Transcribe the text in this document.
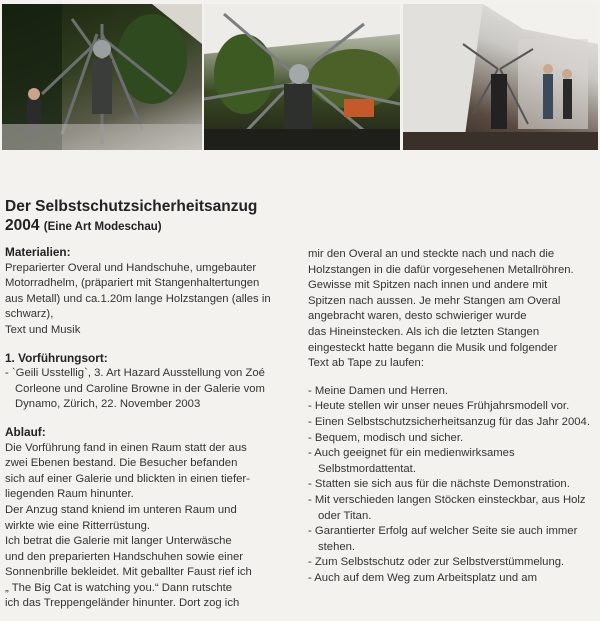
Der Selbstschutzsicherheitsanzug
2004 (Eine Art Modeschau)

Materialien:

Preparierter Overal und Handschuhe, umgebauter

Motorradhelm, (präpariert mit Stangenhaltertungen

aus Metall) und ca.1.20m lange Holzstangen (alles in

schwarz),

Text und Musik

1. Vorführungsort:

- `Geili Usstellig`, 3. Art Hazard Ausstellung von Zoé

Corleone und Caroline Browne in der Galerie vom

Dynamo, Zürich, 22. November 2003

Ablauf:

Die Vorführung fand in einen Raum statt der aus

zwei Ebenen bestand. Die Besucher befanden

sich auf einer Galerie und blickten in einen tiefer-

liegenden Raum hinunter.

Der Anzug stand kniend im unteren Raum und

wirkte wie eine Ritterrüstung.

Ich betrat die Galerie mit langer Unterwäsche

und den preparierten Handschuhen sowie einer

Sonnenbrille bekleidet. Mit geballter Faust rief ich

„ The Big Cat is watching you.“ Dann rutschte

ich das Treppengeländer hinunter. Dort zog ich

mir den Overal an und steckte nach und nach die

Holzstangen in die dafür vorgesehenen Metallröhren.

Gewisse mit Spitzen nach innen und andere mit

Spitzen nach aussen. Je mehr Stangen am Overal

angebracht waren, desto schwieriger wurde

das Hineinstecken. Als ich die letzten Stangen

eingesteckt hatte begann die Musik und folgender

Text ab Tape zu laufen:

- Meine Damen und Herren.
- Heute stellen wir unser neues Frühjahrsmodell vor.
- Einen Selbstschutzsicherheitsanzug für das Jahr 2004.
- Bequem, modisch und sicher.
- Auch geeignet für ein medienwirksames Selbstmordattentat.
- Statten sie sich aus für die nächste Demonstration.
- Mit verschieden langen Stöcken einsteckbar, aus Holz oder Titan.
- Garantierter Erfolg auf welcher Seite sie auch immer stehen.
- Zum Selbstschutz oder zur Selbstverstümmelung.
- Auch auf dem Weg zum Arbeitsplatz und am
